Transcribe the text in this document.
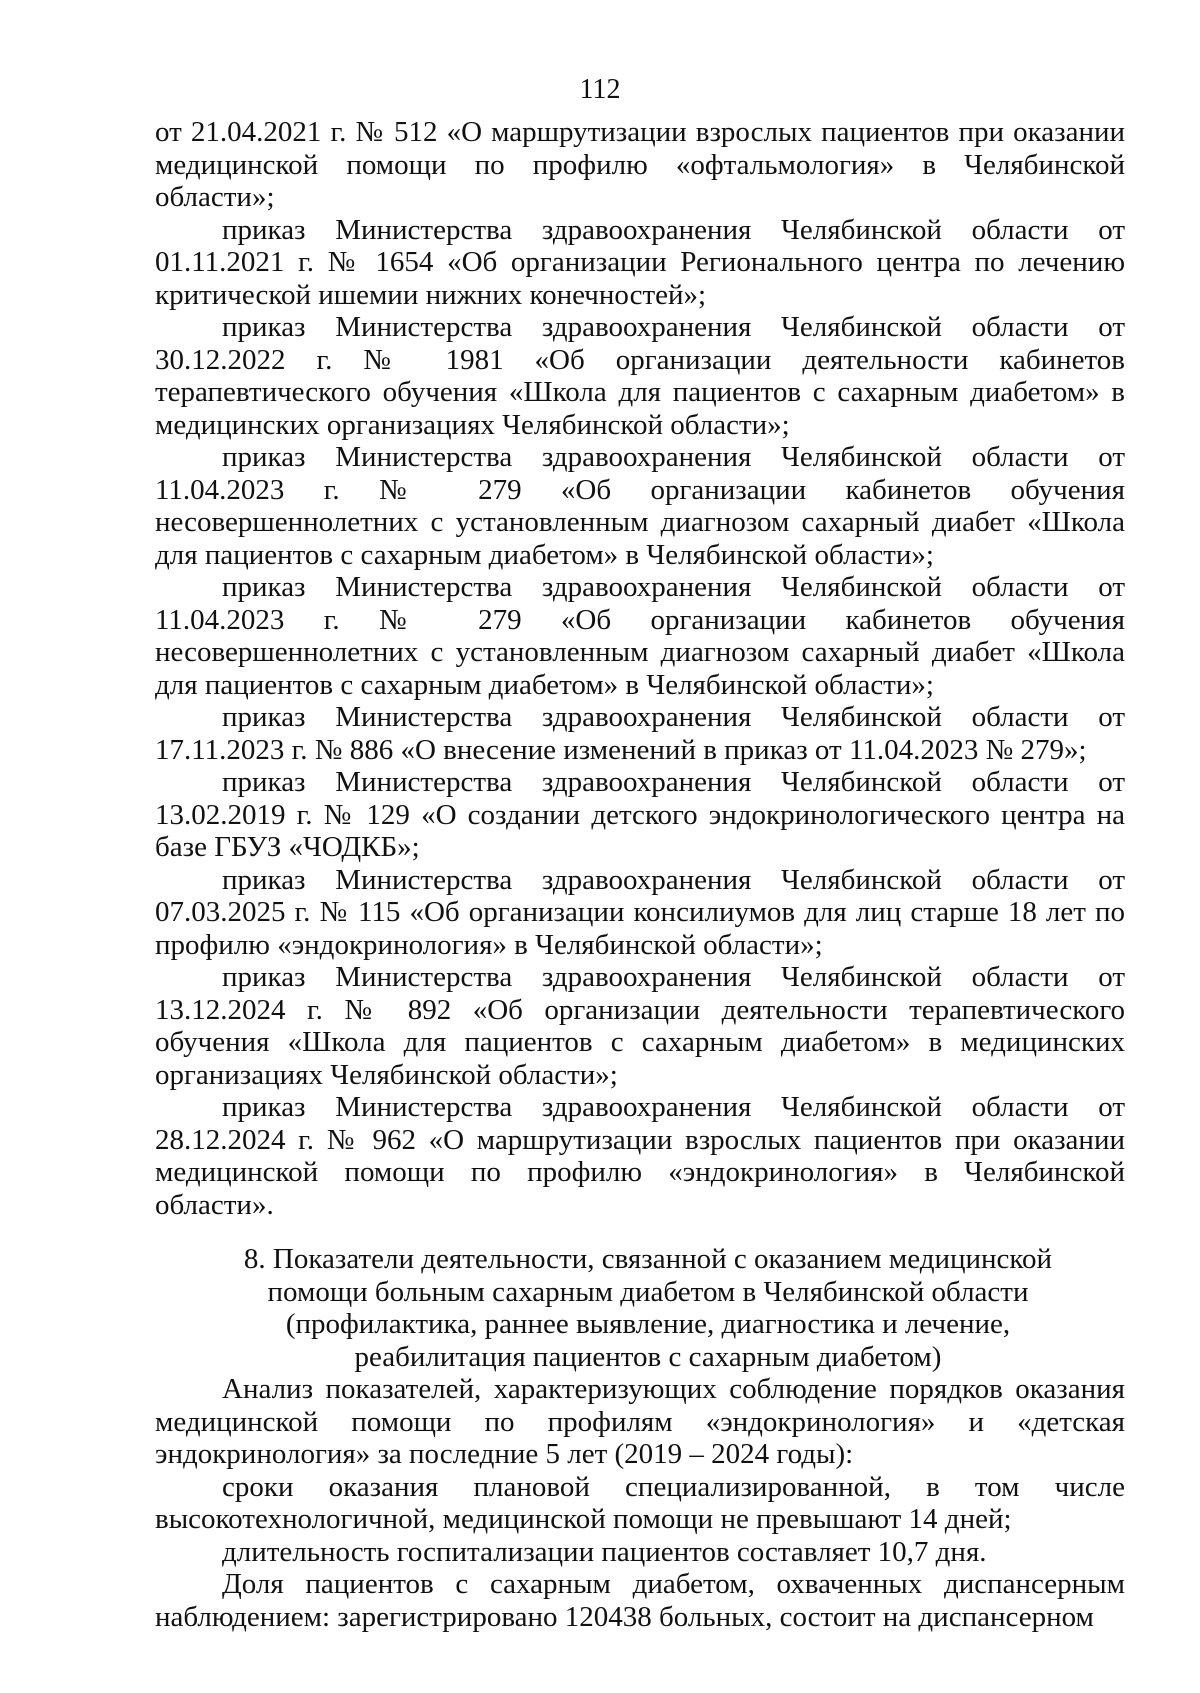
112

от 21.04.2021 г. № 512 «О маршрутизации взрослых пациентов при оказании медицинской помощи по профилю «офтальмология» в Челябинской области»;

приказ Министерства здравоохранения Челябинской области от 01.11.2021 г. № 1654 «Об организации Регионального центра по лечению критической ишемии нижних конечностей»;

приказ Министерства здравоохранения Челябинской области от 30.12.2022 г. № 1981 «Об организации деятельности кабинетов терапевтического обучения «Школа для пациентов с сахарным диабетом» в медицинских организациях Челябинской области»;

приказ Министерства здравоохранения Челябинской области от 11.04.2023 г. № 279 «Об организации кабинетов обучения несовершеннолетних с установленным диагнозом сахарный диабет «Школа для пациентов с сахарным диабетом» в Челябинской области»;

приказ Министерства здравоохранения Челябинской области от 11.04.2023 г. № 279 «Об организации кабинетов обучения несовершеннолетних с установленным диагнозом сахарный диабет «Школа для пациентов с сахарным диабетом» в Челябинской области»;

приказ Министерства здравоохранения Челябинской области от 17.11.2023 г. № 886 «О внесение изменений в приказ от 11.04.2023 № 279»;

приказ Министерства здравоохранения Челябинской области от 13.02.2019 г. № 129 «О создании детского эндокринологического центра на базе ГБУЗ «ЧОДКБ»;

приказ Министерства здравоохранения Челябинской области от 07.03.2025 г. № 115 «Об организации консилиумов для лиц старше 18 лет по профилю «эндокринология» в Челябинской области»;

приказ Министерства здравоохранения Челябинской области от 13.12.2024 г. № 892 «Об организации деятельности терапевтического обучения «Школа для пациентов с сахарным диабетом» в медицинских организациях Челябинской области»;

приказ Министерства здравоохранения Челябинской области от 28.12.2024 г. № 962 «О маршрутизации взрослых пациентов при оказании медицинской помощи по профилю «эндокринология» в Челябинской области».

8. Показатели деятельности, связанной с оказанием медицинской
помощи больным сахарным диабетом в Челябинской области
(профилактика, раннее выявление, диагностика и лечение,
реабилитация пациентов с сахарным диабетом)

Анализ показателей, характеризующих соблюдение порядков оказания медицинской помощи по профилям «эндокринология» и «детская эндокринология» за последние 5 лет (2019 – 2024 годы):

сроки оказания плановой специализированной, в том числе высокотехнологичной, медицинской помощи не превышают 14 дней;

длительность госпитализации пациентов составляет 10,7 дня.

Доля пациентов с сахарным диабетом, охваченных диспансерным наблюдением: зарегистрировано 120438 больных, состоит на диспансерном
